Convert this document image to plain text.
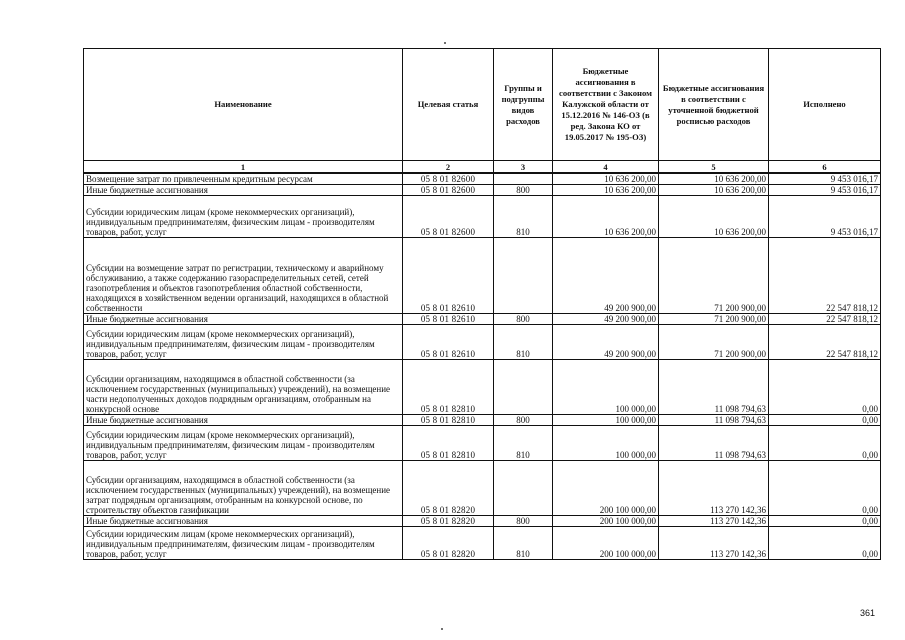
Наименование	Целевая статья	Группы и подгруппы видов расходов	Бюджетные ассигнования в соответствии с Законом Калужской области от 15.12.2016 № 146-ОЗ (в ред. Закона КО от 19.05.2017 № 195-ОЗ)	Бюджетные ассигнования в соответствии с уточненной бюджетной росписью расходов	Исполнено
1	2	3	4	5	6
Возмещение затрат по привлеченным кредитным ресурсам	05 8 01 82600		10 636 200,00	10 636 200,00	9 453 016,17
Иные бюджетные ассигнования	05 8 01 82600	800	10 636 200,00	10 636 200,00	9 453 016,17
Субсидии юридическим лицам (кроме некоммерческих организаций), индивидуальным предпринимателям, физическим лицам - производителям товаров, работ, услуг	05 8 01 82600	810	10 636 200,00	10 636 200,00	9 453 016,17
Субсидии на возмещение затрат по регистрации, техническому и аварийному обслуживанию, а также содержанию газораспределительных сетей, сетей газопотребления и объектов газопотребления областной собственности, находящихся в хозяйственном ведении организаций, находящихся в областной собственности	05 8 01 82610		49 200 900,00	71 200 900,00	22 547 818,12
Иные бюджетные ассигнования	05 8 01 82610	800	49 200 900,00	71 200 900,00	22 547 818,12
Субсидии юридическим лицам (кроме некоммерческих организаций), индивидуальным предпринимателям, физическим лицам - производителям товаров, работ, услуг	05 8 01 82610	810	49 200 900,00	71 200 900,00	22 547 818,12
Субсидии организациям, находящимся в областной собственности (за исключением государственных (муниципальных) учреждений), на возмещение части недополученных доходов подрядным организациям, отобранным на конкурсной основе	05 8 01 82810		100 000,00	11 098 794,63	0,00
Иные бюджетные ассигнования	05 8 01 82810	800	100 000,00	11 098 794,63	0,00
Субсидии юридическим лицам (кроме некоммерческих организаций), индивидуальным предпринимателям, физическим лицам - производителям товаров, работ, услуг	05 8 01 82810	810	100 000,00	11 098 794,63	0,00
Субсидии организациям, находящимся в областной собственности (за исключением государственных (муниципальных) учреждений), на возмещение затрат подрядным организациям, отобранным на конкурсной основе, по строительству объектов газификации	05 8 01 82820		200 100 000,00	113 270 142,36	0,00
Иные бюджетные ассигнования	05 8 01 82820	800	200 100 000,00	113 270 142,36	0,00
Субсидии юридическим лицам (кроме некоммерческих организаций), индивидуальным предпринимателям, физическим лицам - производителям товаров, работ, услуг	05 8 01 82820	810	200 100 000,00	113 270 142,36	0,00
361
